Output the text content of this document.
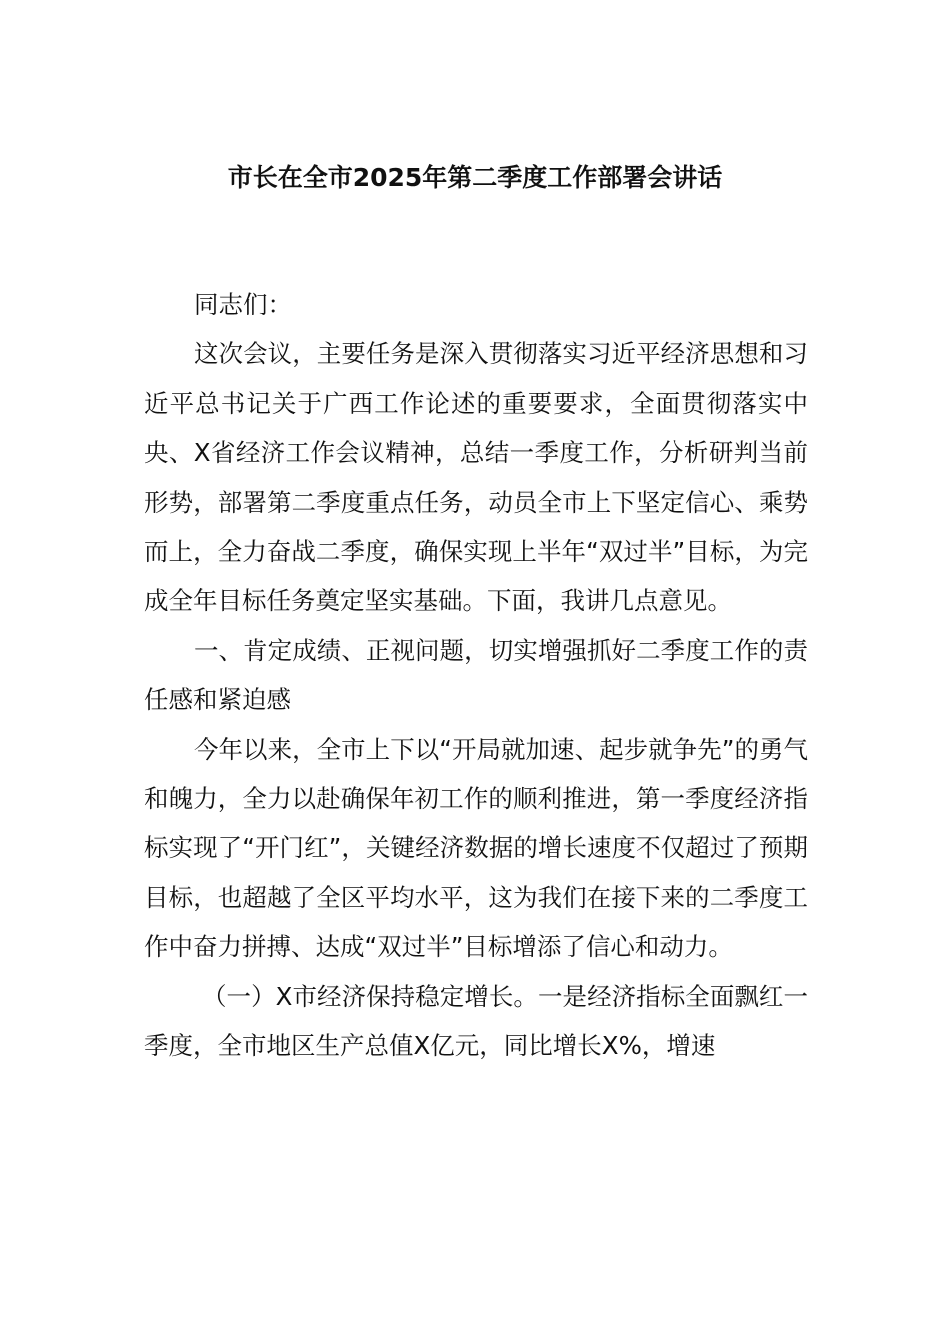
市长在全市2025年第二季度工作部署会讲话

同志们：

这次会议，主要任务是深入贯彻落实习近平经济思想和习近平总书记关于广西工作论述的重要要求，全面贯彻落实中央、X省经济工作会议精神，总结一季度工作，分析研判当前形势，部署第二季度重点任务，动员全市上下坚定信心、乘势而上，全力奋战二季度，确保实现上半年“双过半”目标，为完成全年目标任务奠定坚实基础。下面，我讲几点意见。

一、肯定成绩、正视问题，切实增强抓好二季度工作的责任感和紧迫感

今年以来，全市上下以“开局就加速、起步就争先”的勇气和魄力，全力以赴确保年初工作的顺利推进，第一季度经济指标实现了“开门红”，关键经济数据的增长速度不仅超过了预期目标，也超越了全区平均水平，这为我们在接下来的二季度工作中奋力拼搏、达成“双过半”目标增添了信心和动力。

（一）X市经济保持稳定增长。一是经济指标全面飘红一季度，全市地区生产总值X亿元，同比增长X%，增速
